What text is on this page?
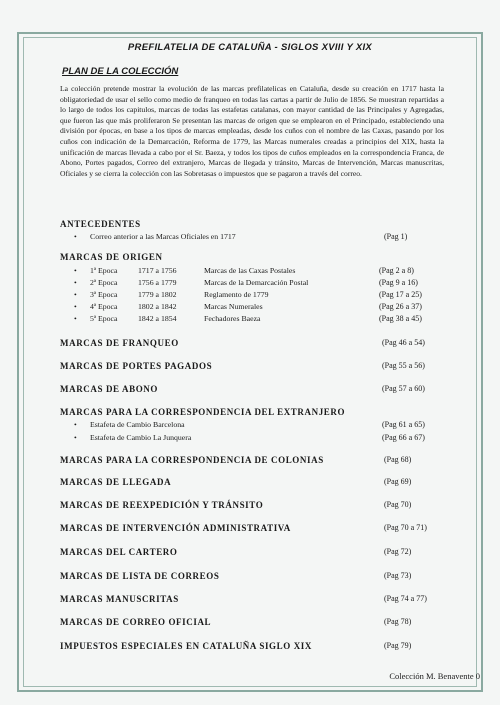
PREFILATELIA DE CATALUÑA - SIGLOS XVIII Y XIX
PLAN DE LA COLECCIÓN
La colección pretende mostrar la evolución de las marcas prefilatelicas en Cataluña, desde su creación en 1717 hasta la obligatoriedad de usar el sello como medio de franqueo en todas las cartas a partir de Julio de 1856. Se muestran repartidas a lo largo de todos los capitulos, marcas de todas las estafetas catalanas, con mayor cantidad de las Principales y Agregadas, que fueron las que más proliferaron Se presentan las marcas de origen que se emplearon en el Principado, estableciendo una división por épocas, en base a los tipos de marcas empleadas, desde los cuños con el nombre de las Caxas, pasando por los cuños con indicación de la Demarcación, Reforma de 1779, las Marcas numerales creadas a principios del XIX, hasta la unificación de marcas llevada a cabo por el Sr. Baeza, y todos los tipos de cuños empleados en la correspondencia Franca, de Abono, Portes pagados, Correo del extranjero, Marcas de llegada y tránsito, Marcas de Intervención, Marcas manuscritas, Oficiales y se cierra la colección con las Sobretasas o impuestos que se pagaron a través del correo.
ANTECEDENTES
• Correo anterior a las Marcas Oficiales en 1717	(Pag 1)
MARCAS DE ORIGEN
• 1ª Epoca	1717 a 1756	Marcas de las Caxas Postales	(Pag 2 a 8)
• 2ª Epoca	1756 a 1779	Marcas de la Demarcación Postal	(Pag 9 a 16)
• 3ª Epoca	1779 a 1802	Reglamento de 1779	(Pag 17 a 25)
• 4ª Epoca	1802 a 1842	Marcas Numerales	(Pag 26 a 37)
• 5ª Epoca	1842 a 1854	Fechadores Baeza	(Pag 38 a 45)
MARCAS DE FRANQUEO	(Pag 46 a 54)
MARCAS DE PORTES PAGADOS	(Pag 55 a 56)
MARCAS DE ABONO	(Pag 57 a 60)
MARCAS PARA LA CORRESPONDENCIA DEL EXTRANJERO
• Estafeta de Cambio Barcelona	(Pag 61 a 65)
• Estafeta de Cambio La Junquera	(Pag 66 a 67)
MARCAS PARA LA CORRESPONDENCIA DE COLONIAS	(Pag 68)
MARCAS DE LLEGADA	(Pag 69)
MARCAS DE REEXPEDICIÓN Y TRÁNSITO	(Pag 70)
MARCAS DE INTERVENCIÓN ADMINISTRATIVA	(Pag 70 a 71)
MARCAS DEL CARTERO	(Pag 72)
MARCAS DE LISTA DE CORREOS	(Pag 73)
MARCAS MANUSCRITAS	(Pag 74 a 77)
MARCAS DE CORREO OFICIAL	(Pag 78)
IMPUESTOS ESPECIALES EN CATALUÑA SIGLO XIX	(Pag 79)
Colección M. Benavente 0
